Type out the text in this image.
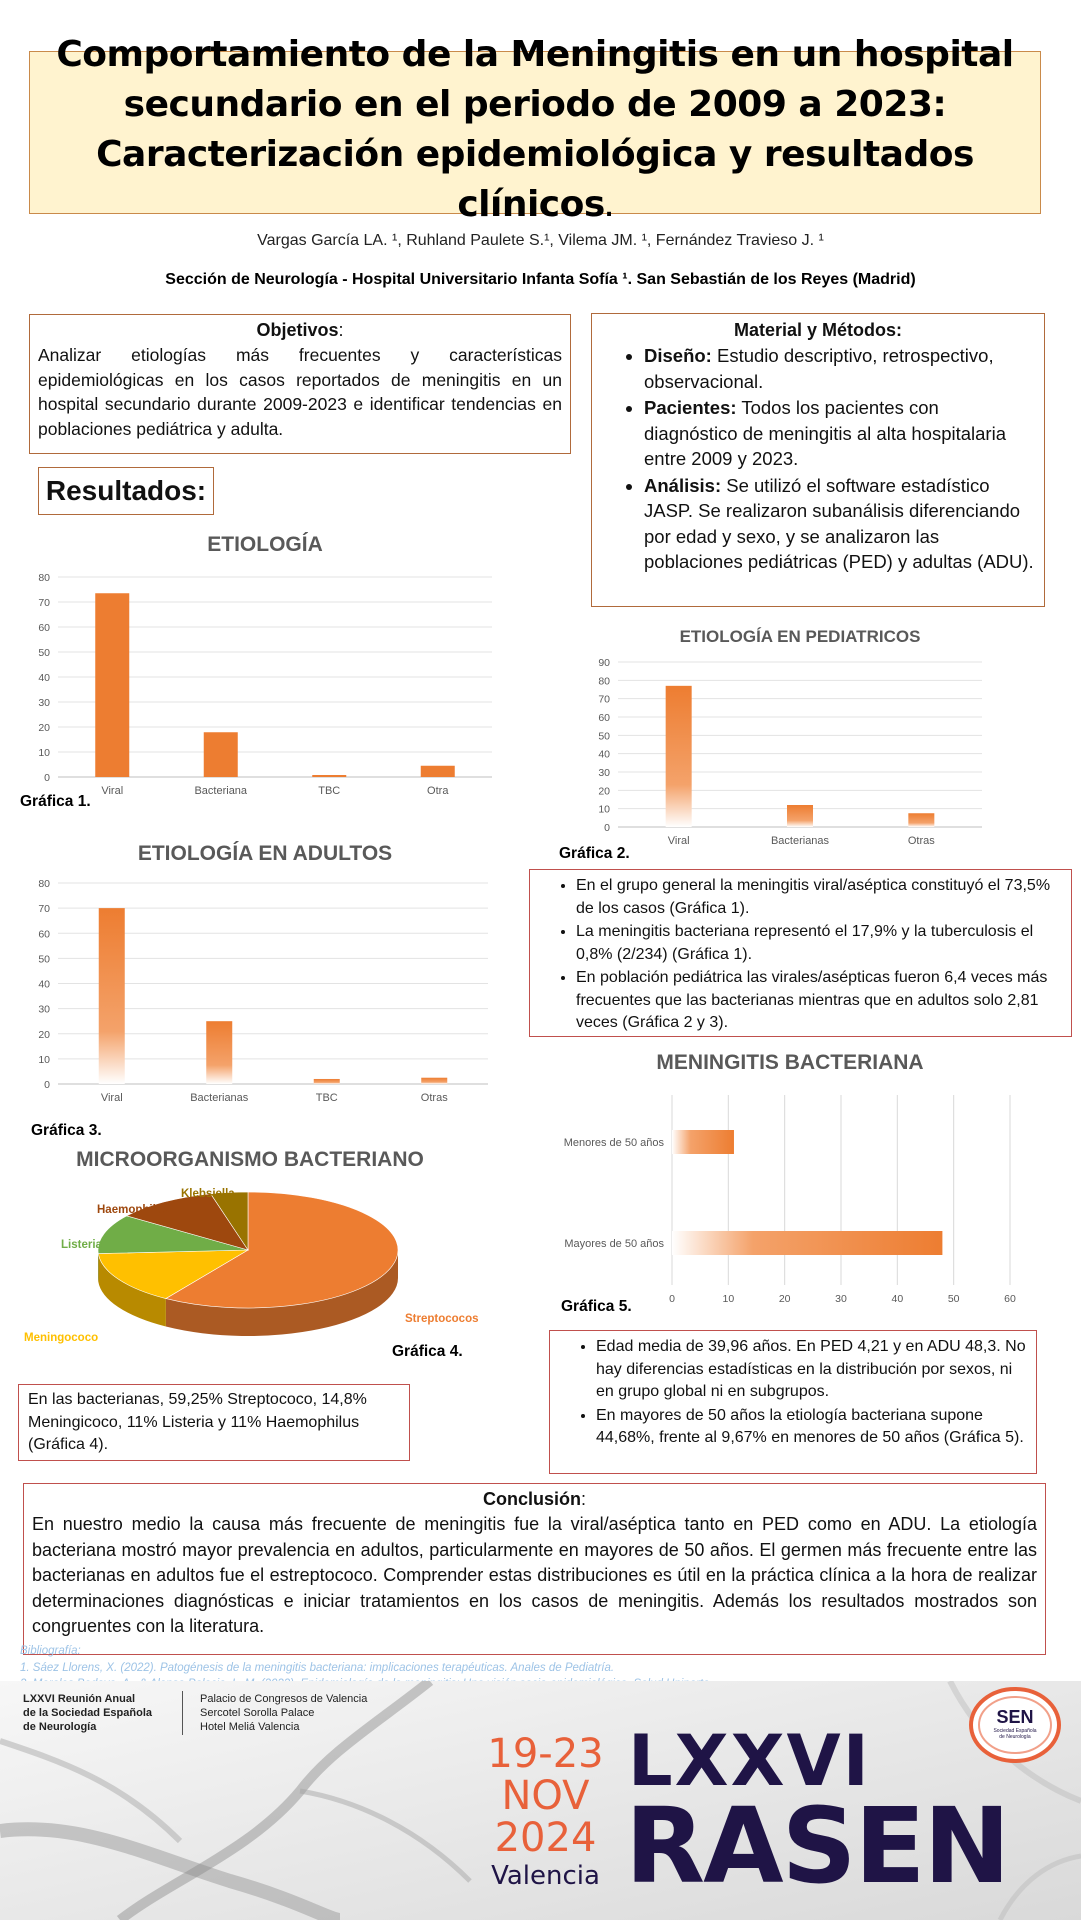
Comportamiento de la Meningitis en un hospital
secundario en el periodo de 2009 a 2023:
Caracterización epidemiológica y resultados clínicos.
Vargas García LA. ¹, Ruhland Paulete S.¹, Vilema JM. ¹, Fernández Travieso J. ¹
Sección de Neurología - Hospital Universitario Infanta Sofía ¹. San Sebastián de los Reyes (Madrid)
Objetivos:

Analizar etiologías más frecuentes y características epidemiológicas en los casos reportados de meningitis en un hospital secundario durante 2009-2023 e identificar tendencias en poblaciones pediátrica y adulta.

Material y Métodos:
• Diseño: Estudio descriptivo, retrospectivo, observacional.
• Pacientes: Todos los pacientes con diagnóstico de meningitis al alta hospitalaria entre 2009 y 2023.
• Análisis: Se utilizó el software estadístico JASP. Se realizaron subanálisis diferenciando por edad y sexo, y se analizaron las poblaciones pediátricas (PED) y adultas (ADU).
Resultados:
ETIOLOGÍA
0
10
20
30
40
50
60
70
80
Viral	Bacteriana	TBC	Otra
Gráfica 1.
ETIOLOGÍA EN PEDIATRICOS
0
10
20
30
40
50
60
70
80
90
Viral	Bacterianas	Otras
Gráfica 2.
• En el grupo general la meningitis viral/aséptica constituyó el 73,5% de los casos (Gráfica 1).
• La meningitis bacteriana representó el 17,9% y la tuberculosis el 0,8% (2/234) (Gráfica 1).
• En población pediátrica las virales/asépticas fueron 6,4 veces más frecuentes que las bacterianas mientras que en adultos solo 2,81 veces (Gráfica 2 y 3).
ETIOLOGÍA EN ADULTOS
0
10
20
30
40
50
60
70
80
Viral	Bacterianas	TBC	Otras
Gráfica 3.
MENINGITIS BACTERIANA
0	10	20	30	40	50	60
Menores de 50 años
Mayores de 50 años
Gráfica 5.
MICROORGANISMO BACTERIANO
Streptococos
Meningococo
Listeria
Haemophilus
Klebsiella
Gráfica 4.
En las bacterianas, 59,25% Streptococo, 14,8% Meningicoco, 11% Listeria y 11% Haemophilus (Gráfica 4).
• Edad media de 39,96 años. En PED 4,21 y en ADU 48,3. No hay diferencias estadísticas en la distribución por sexos, ni en grupo global ni en subgrupos.
• En mayores de 50 años la etiología bacteriana supone 44,68%, frente al 9,67% en menores de 50 años (Gráfica 5).
Conclusión:

En nuestro medio la causa más frecuente de meningitis fue la viral/aséptica tanto en PED como en ADU. La etiología bacteriana mostró mayor prevalencia en adultos, particularmente en mayores de 50 años. El germen más frecuente entre las bacterianas en adultos fue el estreptococo. Comprender estas distribuciones es útil en la práctica clínica a la hora de realizar determinaciones diagnósticas e iniciar tratamientos en los casos de meningitis. Además los resultados mostrados son congruentes con la literatura.

Bibliografía:
1. Sáez Llorens, X. (2022). Patogénesis de la meningitis bacteriana: implicaciones terapéuticas. Anales de Pediatría.
LXXVI Reunión Anual
de la Sociedad Española
de Neurología
Palacio de Congresos de Valencia
Sercotel Sorolla Palace
Hotel Meliá Valencia
19-23
NOV
2024
Valencia
LXXVI
RASEN
SEN
Sociedad Española
de Neurología
